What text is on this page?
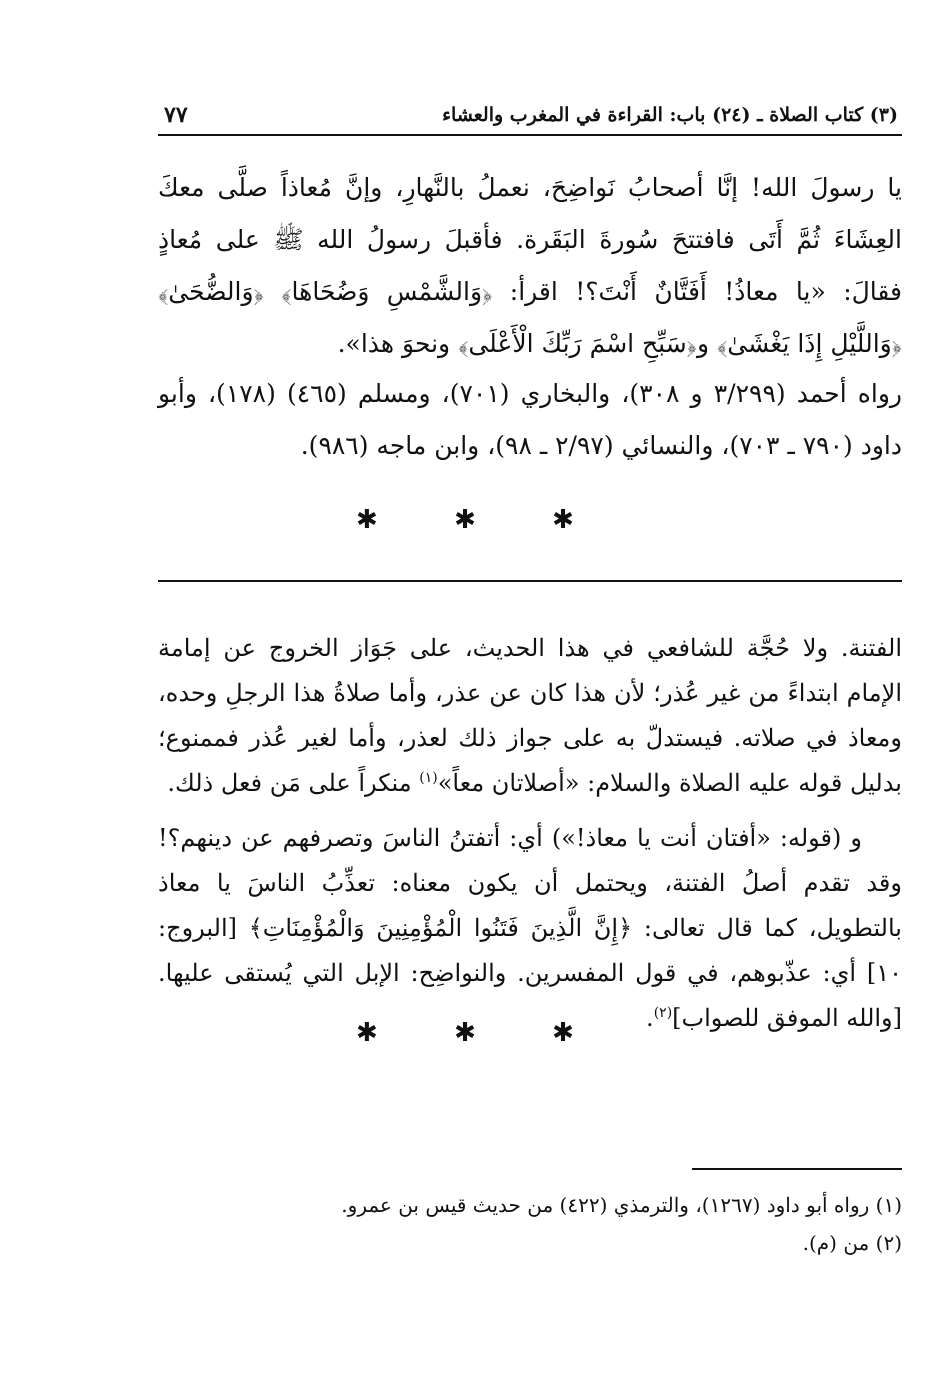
٧٧	(٣) كتاب الصلاة ـ (٢٤) باب: القراءة في المغرب والعشاء

يا رسولَ الله! إنَّا أصحابُ نَواضِحَ، نعملُ بالنَّهارِ، وإنَّ مُعاذاً صلَّى معكَ العِشَاءَ ثُمَّ أَتَى فافتتحَ سُورةَ البَقَرة. فأقبلَ رسولُ الله ﷺ على مُعاذٍ فقالَ: «يا معاذُ! أَفَتَّانٌ أَنْتَ؟! اقرأ: ﴿وَالشَّمْسِ وَضُحَاهَا﴾ ﴿وَالضُّحَىٰ﴾ ﴿وَاللَّيْلِ إِذَا يَغْشَىٰ﴾ و﴿سَبِّحِ اسْمَ رَبِّكَ الْأَعْلَى﴾ ونحوَ هذا».

رواه أحمد (٣/٢٩٩ و ٣٠٨)، والبخاري (٧٠١)، ومسلم (٤٦٥) (١٧٨)، وأبو داود (٧٩٠ ـ ٧٠٣)، والنسائي (٢/٩٧ ـ ٩٨)، وابن ماجه (٩٨٦).

✱	✱	✱

الفتنة. ولا حُجَّة للشافعي في هذا الحديث، على جَوَاز الخروج عن إمامة الإمام ابتداءً من غير عُذر؛ لأن هذا كان عن عذر، وأما صلاةُ هذا الرجلِ وحده، ومعاذ في صلاته. فيستدلّ به على جواز ذلك لعذر، وأما لغير عُذر فممنوع؛ بدليل قوله عليه الصلاة والسلام: «أصلاتان معاً»$^{(١)}$ منكراً على مَن فعل ذلك.

و (قوله: «أفتان أنت يا معاذ!») أي: أتفتنُ الناسَ وتصرفهم عن دينهم؟! وقد تقدم أصلُ الفتنة، ويحتمل أن يكون معناه: تعذِّبُ الناسَ يا معاذ بالتطويل، كما قال تعالى: ﴿إِنَّ الَّذِينَ فَتَنُوا الْمُؤْمِنِينَ وَالْمُؤْمِنَاتِ﴾ [البروج: ١٠] أي: عذّبوهم، في قول المفسرين. والنواضِح: الإبل التي يُستقى عليها. [والله الموفق للصواب]$^{(٢)}$.

✱	✱	✱

(١) رواه أبو داود (١٢٦٧)، والترمذي (٤٢٢) من حديث قيس بن عمرو.

(٢) من (م).
